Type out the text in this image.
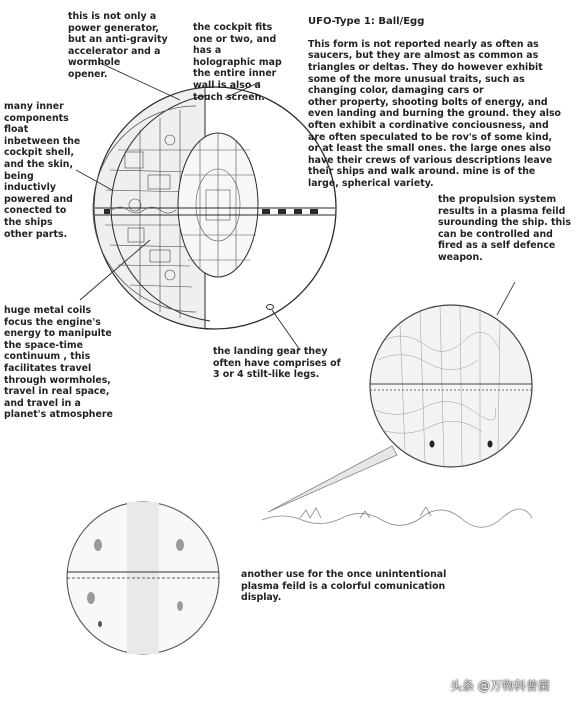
this is not only a
power generator,
but an anti-gravity
accelerator and a
wormhole
opener.

the cockpit fits
one or two, and
has a
holographic map
the entire inner
wall is also a
touch screen.

UFO-Type 1: Ball/Egg

This form is not reported nearly as often as
saucers, but they are almost as common as
triangles or deltas. They do however exhibit
some of the more unusual traits, such as
changing color, damaging cars or
other property, shooting bolts of energy, and
even landing and burning the ground. they also
often exhibit a cordinative conciousness, and
are often speculated to be rov's of some kind,
or at least the small ones. the large ones also
have their crews of various descriptions leave
their ships and walk around. mine is of the
large, spherical variety.

many inner
components
float
inbetween the
cockpit shell,
and the skin,
being
inductivly
powered and
conected to
the ships
other parts.

the propulsion system
results in a plasma feild
surounding the ship. this
can be controlled and
fired as a self defence
weapon.

huge metal coils
focus the engine's
energy to manipulte
the space-time
continuum , this
facilitates travel
through wormholes,
travel in real space,
and travel in a
planet's atmosphere

the landing gear they
often have comprises of
3 or 4 stilt-like legs.

another use for the once unintentional
plasma feild is a colorful comunication
display.

头条 @万物科普菌
